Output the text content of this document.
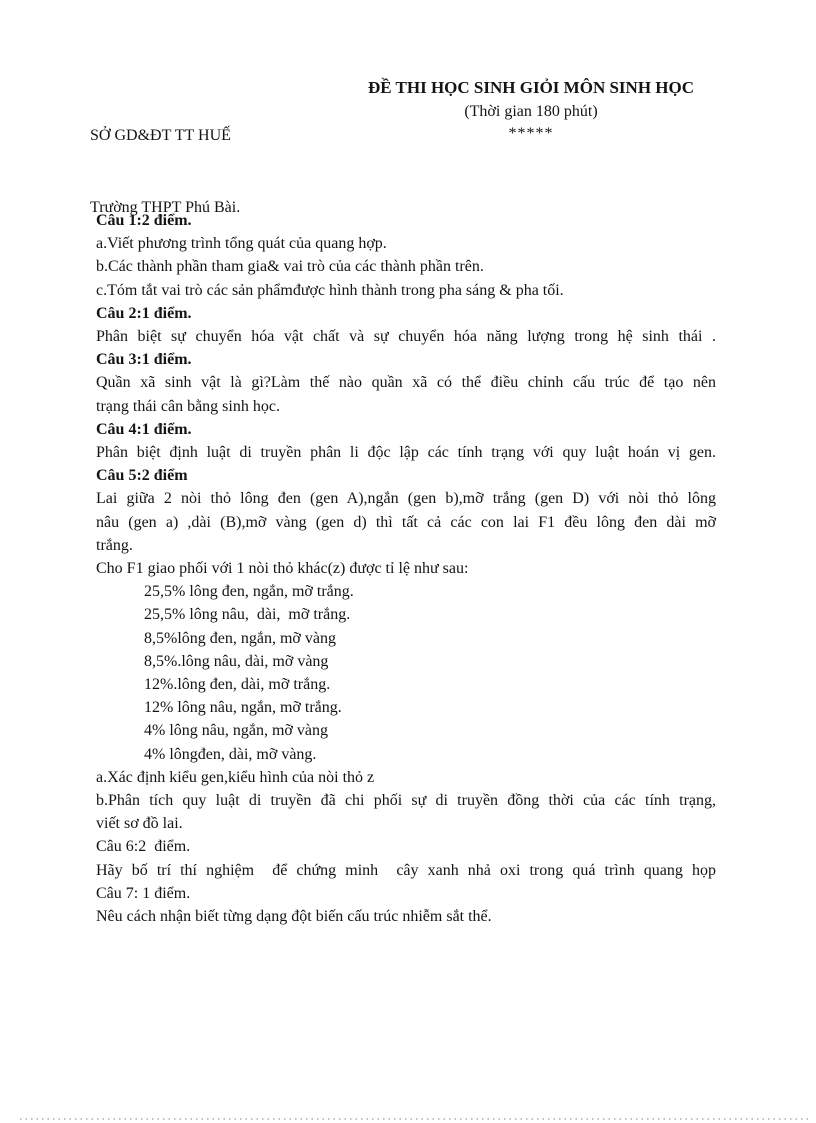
SỞ GD&ĐT TT HUẾ

Trường THPT Phú Bài.

ĐỀ THI HỌC SINH GIỎI MÔN SINH HỌC
(Thời gian 180 phút)
*****
Câu 1:2 điểm.
a.Viết phương trình tổng quát của quang hợp.
b.Các thành phần tham gia& vai trò của các thành phần trên.
c.Tóm tắt vai trò các sản phẩmđược hình thành trong pha sáng & pha tối.
Câu 2:1 điểm.
Phân biệt sự chuyển hóa vật chất và sự chuyển hóa năng lượng trong hệ sinh thái .
Câu 3:1 điểm.
Quần xã sinh vật là gì?Làm thế nào quần xã có thể điều chỉnh cấu trúc để tạo nên
trạng thái cân bằng sinh học.
Câu 4:1 điểm.
Phân biệt định luật di truyền phân li độc lập các tính trạng với quy luật hoán vị gen.
Câu 5:2 điểm
Lai giữa 2 nòi thỏ lông đen (gen A),ngắn (gen b),mỡ trắng (gen D) với nòi thỏ lông
nâu (gen a) ,dài (B),mỡ vàng (gen d) thì tất cả các con lai F1 đều lông đen dài mỡ
trắng.
Cho F1 giao phối với 1 nòi thỏ khác(z) được tỉ lệ như sau:
25,5% lông đen, ngắn, mỡ trắng.
25,5% lông nâu,  dài,  mỡ trắng.
8,5%lông đen, ngắn, mỡ vàng
8,5%.lông nâu, dài, mỡ vàng
12%.lông đen, dài, mỡ trắng.
12% lông nâu, ngắn, mỡ trắng.
4% lông nâu, ngắn, mỡ vàng
4% lôngđen, dài, mỡ vàng.
a.Xác định kiểu gen,kiểu hình của nòi thỏ z
b.Phân tích quy luật di truyền đã chi phối sự di truyền đồng thời của các tính trạng,
viết sơ đồ lai.
Câu 6:2  điểm.
Hãy bố trí thí nghiệm  để chứng minh  cây xanh nhả oxi trong quá trình quang họp
Câu 7: 1 điểm.
Nêu cách nhận biết từng dạng đột biến cấu trúc nhiễm sắt thể.
